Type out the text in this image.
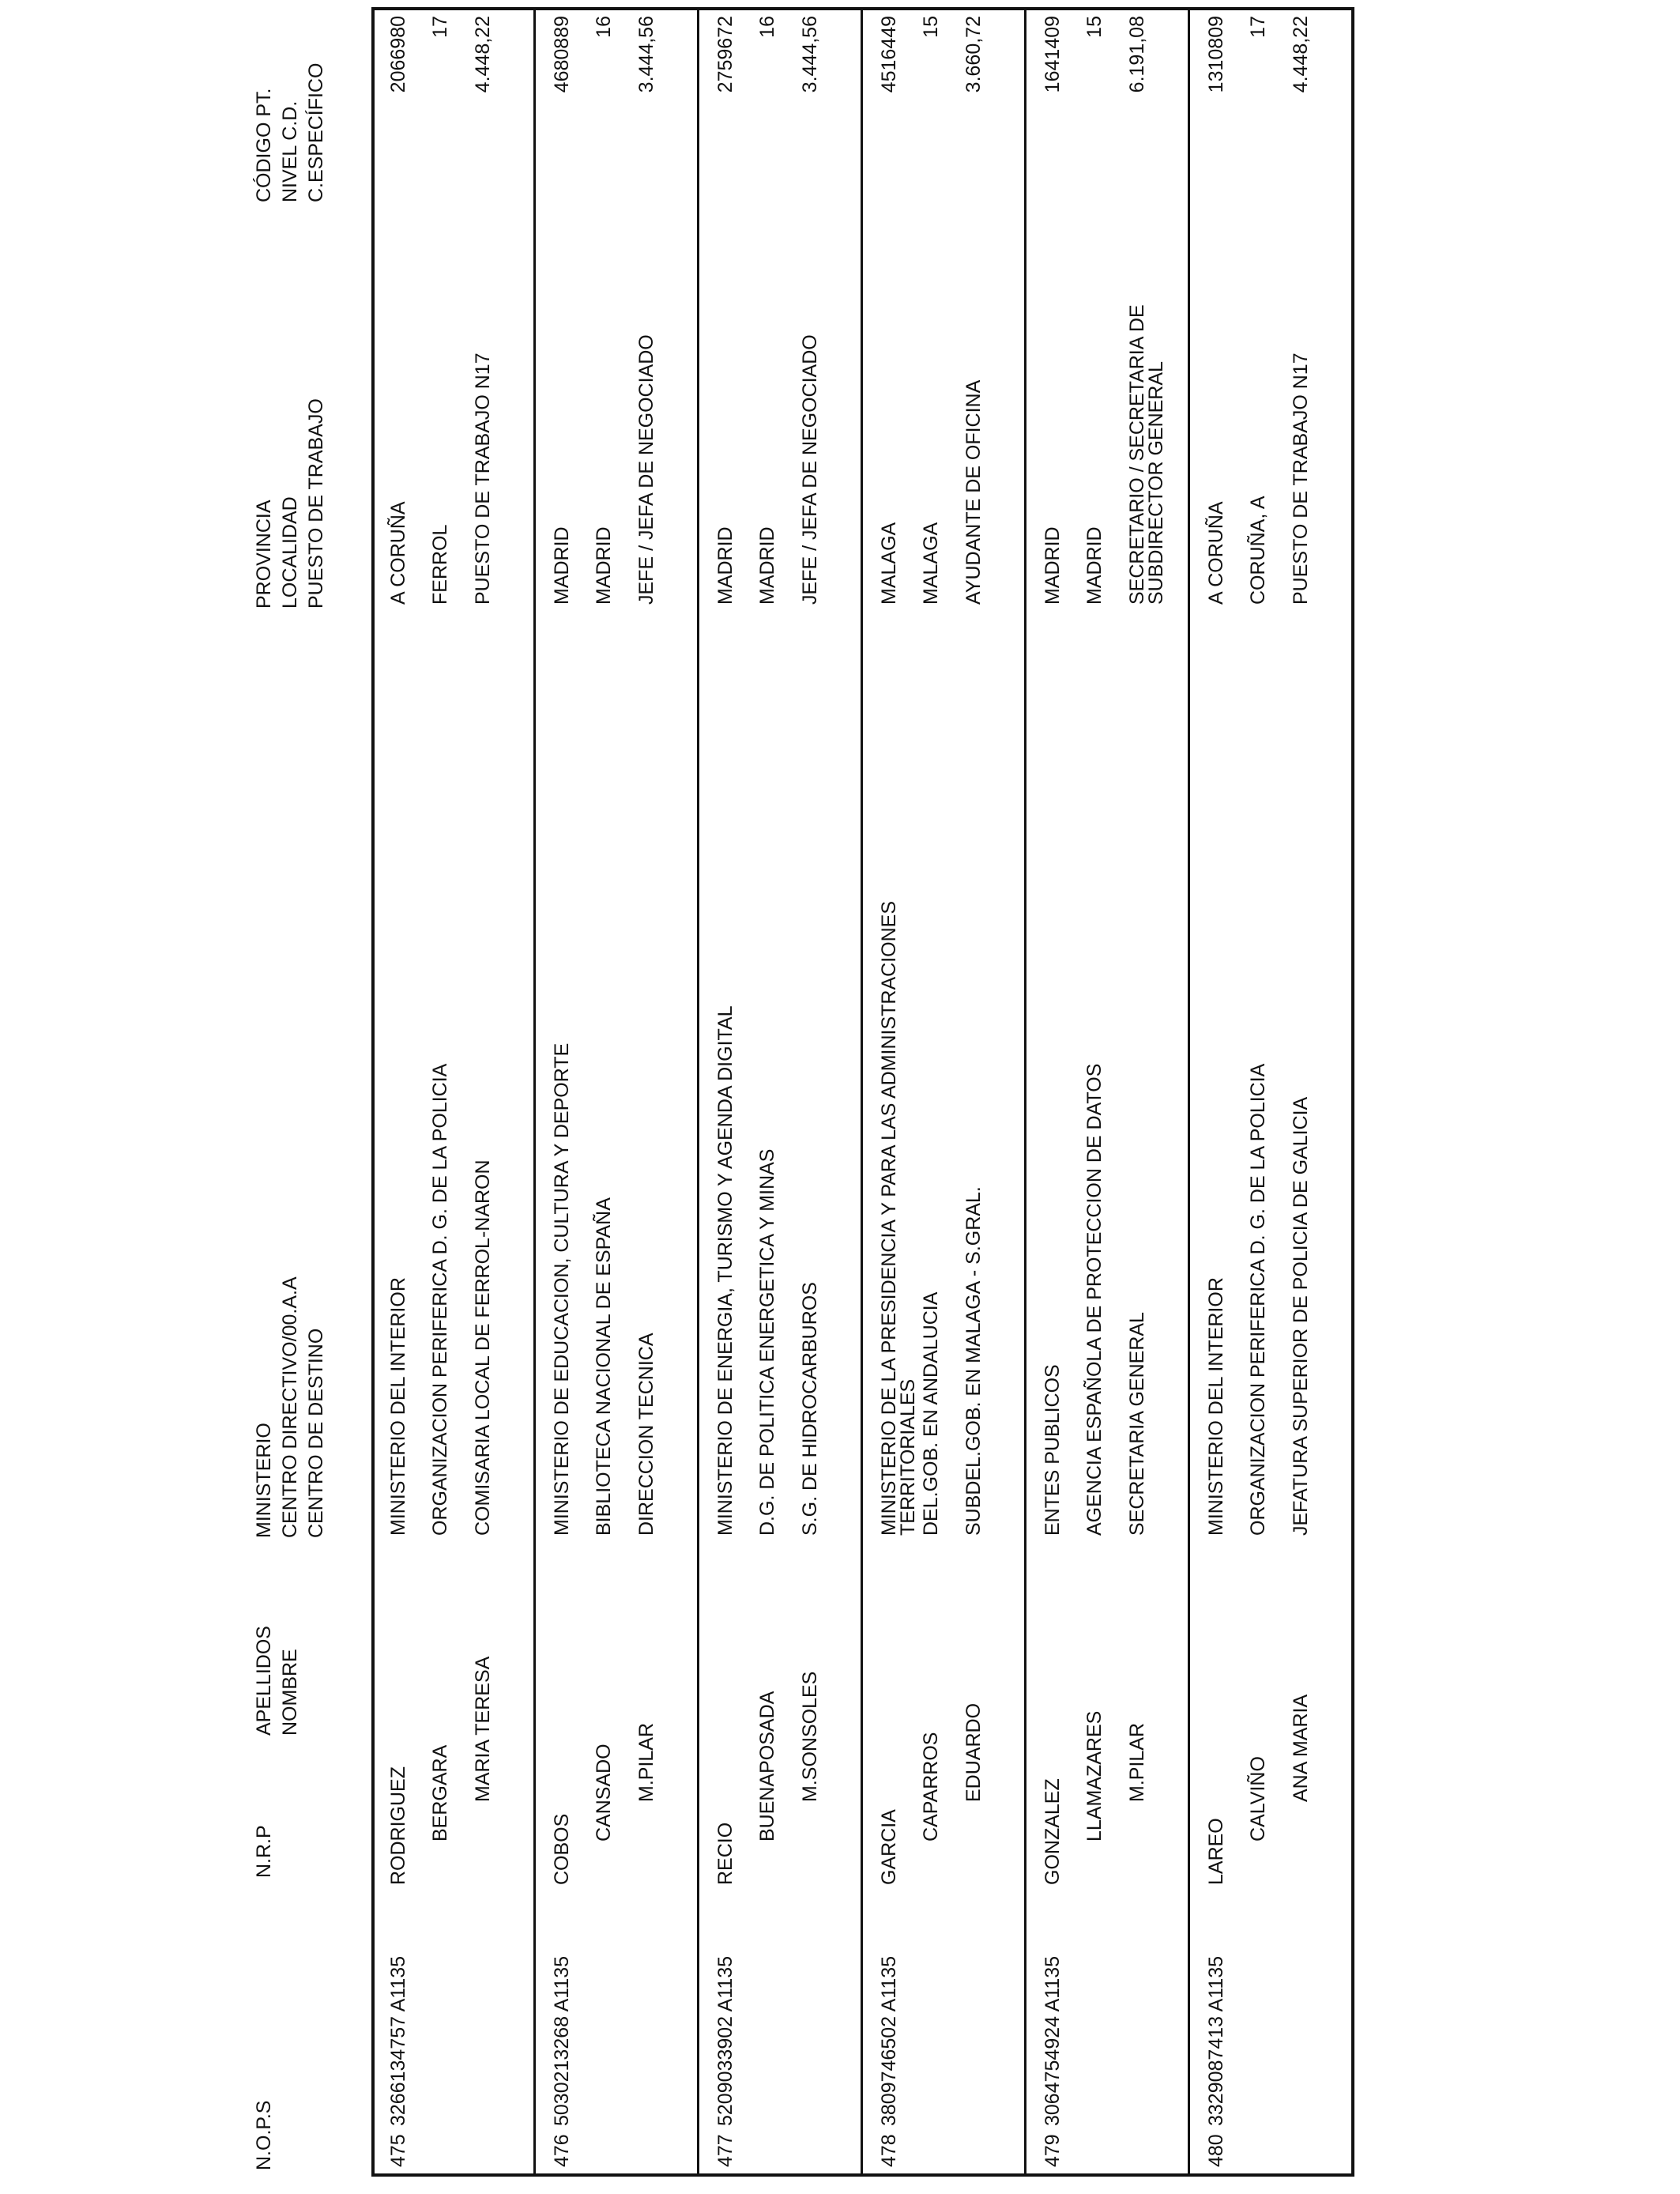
N.O.P.S
N.R.P
APELLIDOS NOMBRE
MINISTERIO CENTRO DIRECTIVO/00.A.A CENTRO DE DESTINO
PROVINCIA LOCALIDAD PUESTO DE TRABAJO
CÓDIGO PT. NIVEL C.D. C.ESPECÍFICO
475
3266134757 A1135
RODRIGUEZ BERGARA MARIA TERESA
MINISTERIO DEL INTERIOR ORGANIZACION PERIFERICA D. G. DE LA POLICIA COMISARIA LOCAL DE FERROL-NARON
A CORUÑA FERROL PUESTO DE TRABAJO N17
2066980 17 4.448,22
476
5030213268 A1135
COBOS
CANSADO M.PILAR
MINISTERIO DE EDUCACION, CULTURA Y DEPORTE BIBLIOTECA NACIONAL DE ESPAÑA DIRECCION TECNICA
MADRID MADRID JEFE / JEFA DE NEGOCIADO
4680889 16 3.444,56
477
5209033902 A1135
RECIO
BUENAPOSADA M.SONSOLES
MINISTERIO DE ENERGIA, TURISMO Y AGENDA DIGITAL D.G. DE POLITICA ENERGETICA Y MINAS S.G. DE HIDROCARBUROS
MADRID MADRID JEFE / JEFA DE NEGOCIADO
2759672 16 3.444,56
478
3809746502 A1135
GARCIA
CAPARROS EDUARDO
MINISTERIO DE LA PRESIDENCIA Y PARA LAS ADMINISTRACIONES
TERRITORIALES DEL.GOB. EN ANDALUCIA SUBDEL.GOB. EN MALAGA - S.GRAL.
MALAGA MALAGA AYUDANTE DE OFICINA
4516449 15 3.660,72
479
3064754924 A1135
GONZALEZ LLAMAZARES M.PILAR
ENTES PUBLICOS AGENCIA ESPAÑOLA DE PROTECCION DE DATOS SECRETARIA GENERAL
MADRID MADRID SECRETARIO / SECRETARIA DE
SUBDIRECTOR GENERAL
1641409 15 6.191,08
480
3329087413 A1135
LAREO
CALVIÑO ANA MARIA
MINISTERIO DEL INTERIOR ORGANIZACION PERIFERICA D. G. DE LA POLICIA JEFATURA SUPERIOR DE POLICIA DE GALICIA
A CORUÑA CORUÑA, A PUESTO DE TRABAJO N17
1310809 17 4.448,22
